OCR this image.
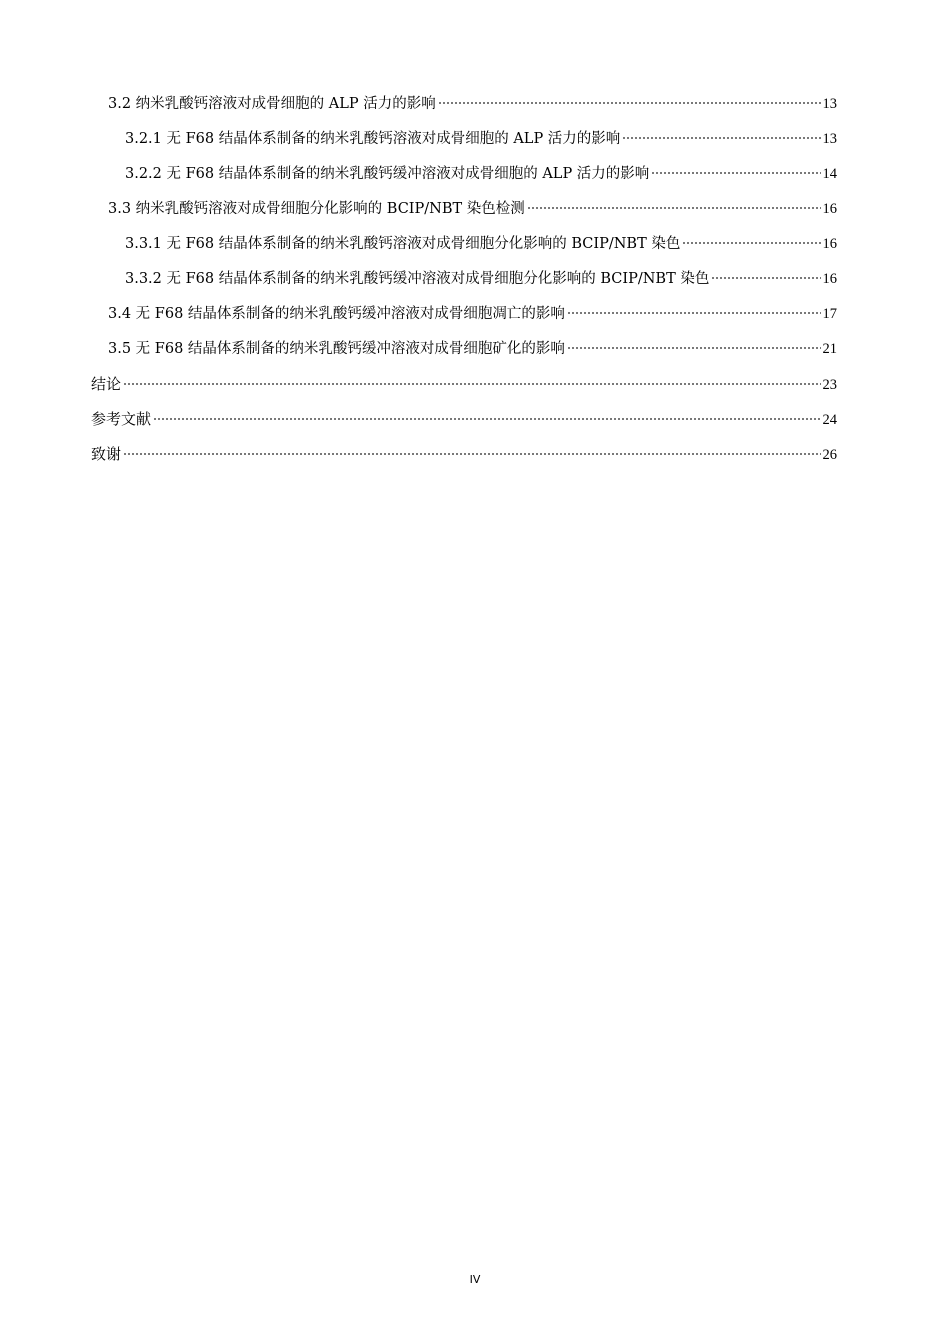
3.2 纳米乳酸钙溶液对成骨细胞的 ALP 活力的影响	13
3.2.1 无 F68 结晶体系制备的纳米乳酸钙溶液对成骨细胞的 ALP 活力的影响	13
3.2.2 无 F68 结晶体系制备的纳米乳酸钙缓冲溶液对成骨细胞的 ALP 活力的影响	14
3.3 纳米乳酸钙溶液对成骨细胞分化影响的 BCIP/NBT 染色检测	16
3.3.1 无 F68 结晶体系制备的纳米乳酸钙溶液对成骨细胞分化影响的 BCIP/NBT 染色	16
3.3.2 无 F68 结晶体系制备的纳米乳酸钙缓冲溶液对成骨细胞分化影响的 BCIP/NBT 染色	16
3.4 无 F68 结晶体系制备的纳米乳酸钙缓冲溶液对成骨细胞凋亡的影响	17
3.5 无 F68 结晶体系制备的纳米乳酸钙缓冲溶液对成骨细胞矿化的影响	21
结论	23
参考文献	24
致谢	26
IV
